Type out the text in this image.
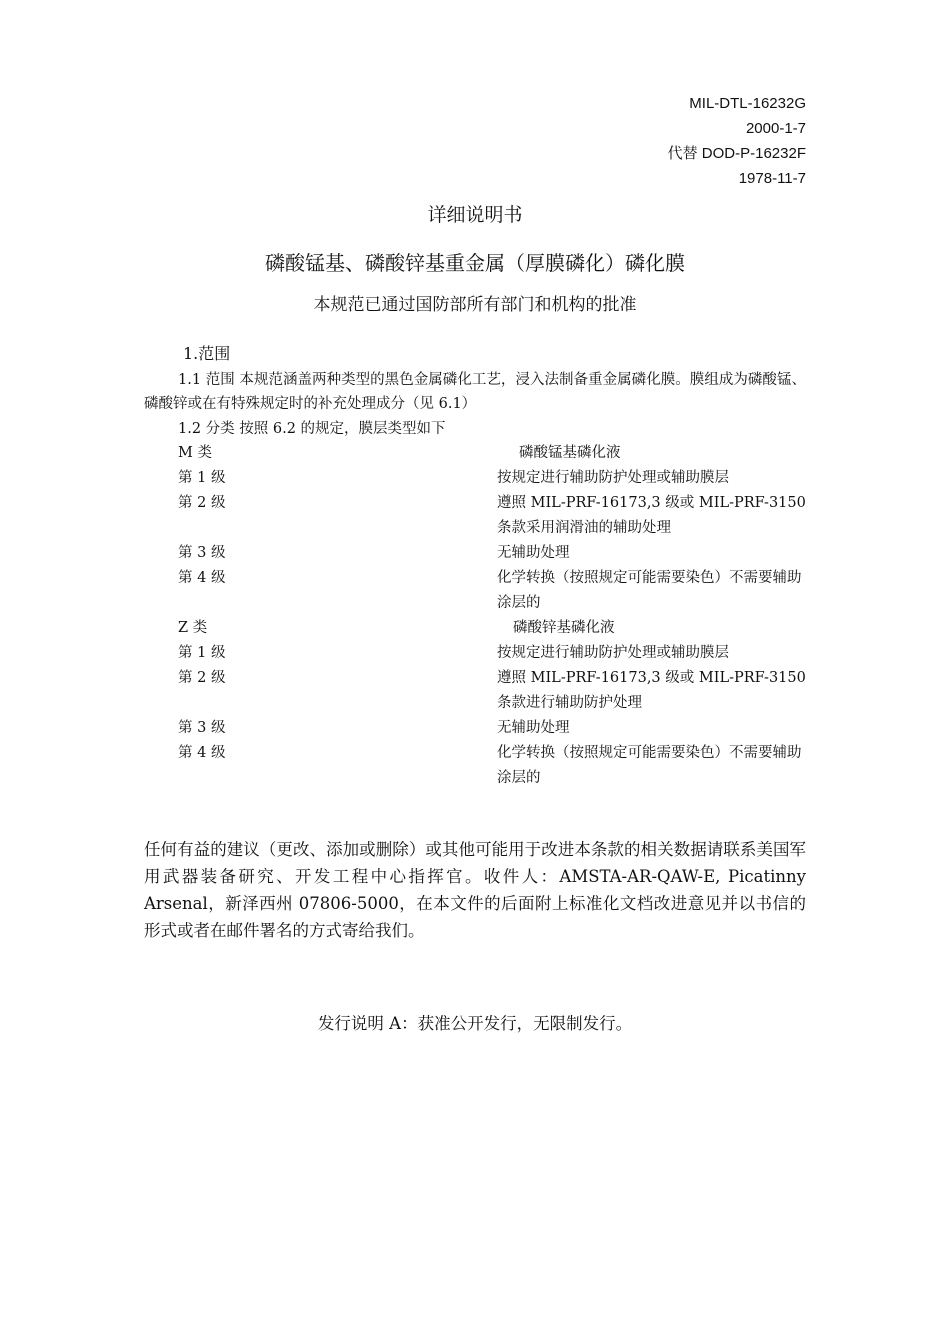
MIL-DTL-16232G
2000-1-7
代替 DOD-P-16232F
1978-11-7
详细说明书
磷酸锰基、磷酸锌基重金属（厚膜磷化）磷化膜
本规范已通过国防部所有部门和机构的批准
1.范围
1.1 范围 本规范涵盖两种类型的黑色金属磷化工艺，浸入法制备重金属磷化膜。膜组成为磷酸锰、磷酸锌或在有特殊规定时的补充处理成分（见 6.1）
1.2 分类 按照 6.2 的规定，膜层类型如下
M 类	磷酸锰基磷化液
第 1 级	按规定进行辅助防护处理或辅助膜层
第 2 级	遵照 MIL-PRF-16173,3 级或 MIL-PRF-3150 条款采用润滑油的辅助处理
第 3 级	无辅助处理
第 4 级	化学转换（按照规定可能需要染色）不需要辅助涂层的
Z 类	磷酸锌基磷化液
第 1 级	按规定进行辅助防护处理或辅助膜层
第 2 级	遵照 MIL-PRF-16173,3 级或 MIL-PRF-3150 条款进行辅助防护处理
第 3 级	无辅助处理
第 4 级	化学转换（按照规定可能需要染色）不需要辅助涂层的
任何有益的建议（更改、添加或删除）或其他可能用于改进本条款的相关数据请联系美国军用武器装备研究、开发工程中心指挥官。收件人：AMSTA-AR-QAW-E, Picatinny Arsenal，新泽西州 07806-5000，在本文件的后面附上标准化文档改进意见并以书信的形式或者在邮件署名的方式寄给我们。
发行说明 A：获准公开发行，无限制发行。
